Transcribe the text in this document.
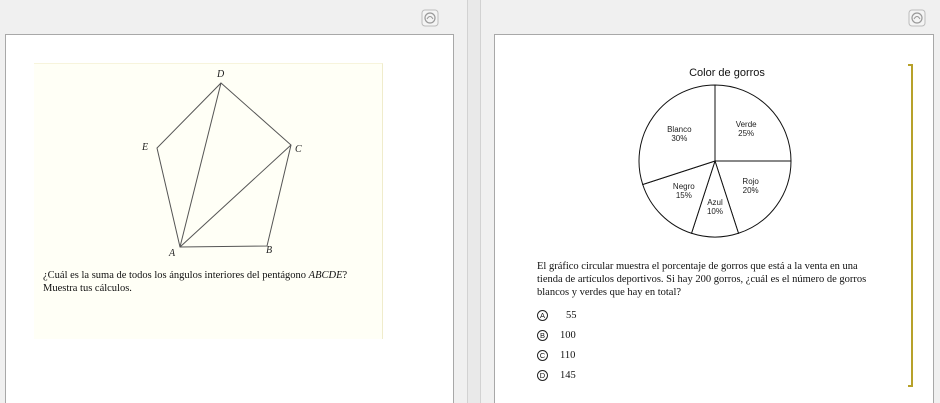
D
E	C
A	B
¿Cuál es la suma de todos los ángulos interiores del pentágono ABCDE?
Muestra tus cálculos.
Color de gorros
Verde
25%
Rojo
20%
Azul
10%
Negro
15%
Blanco
30%
El gráfico circular muestra el porcentaje de gorros que está a la venta en una
tienda de artículos deportivos. Si hay 200 gorros, ¿cuál es el número de gorros
blancos y verdes que hay en total?
A 55
B 100
C 110
D 145
